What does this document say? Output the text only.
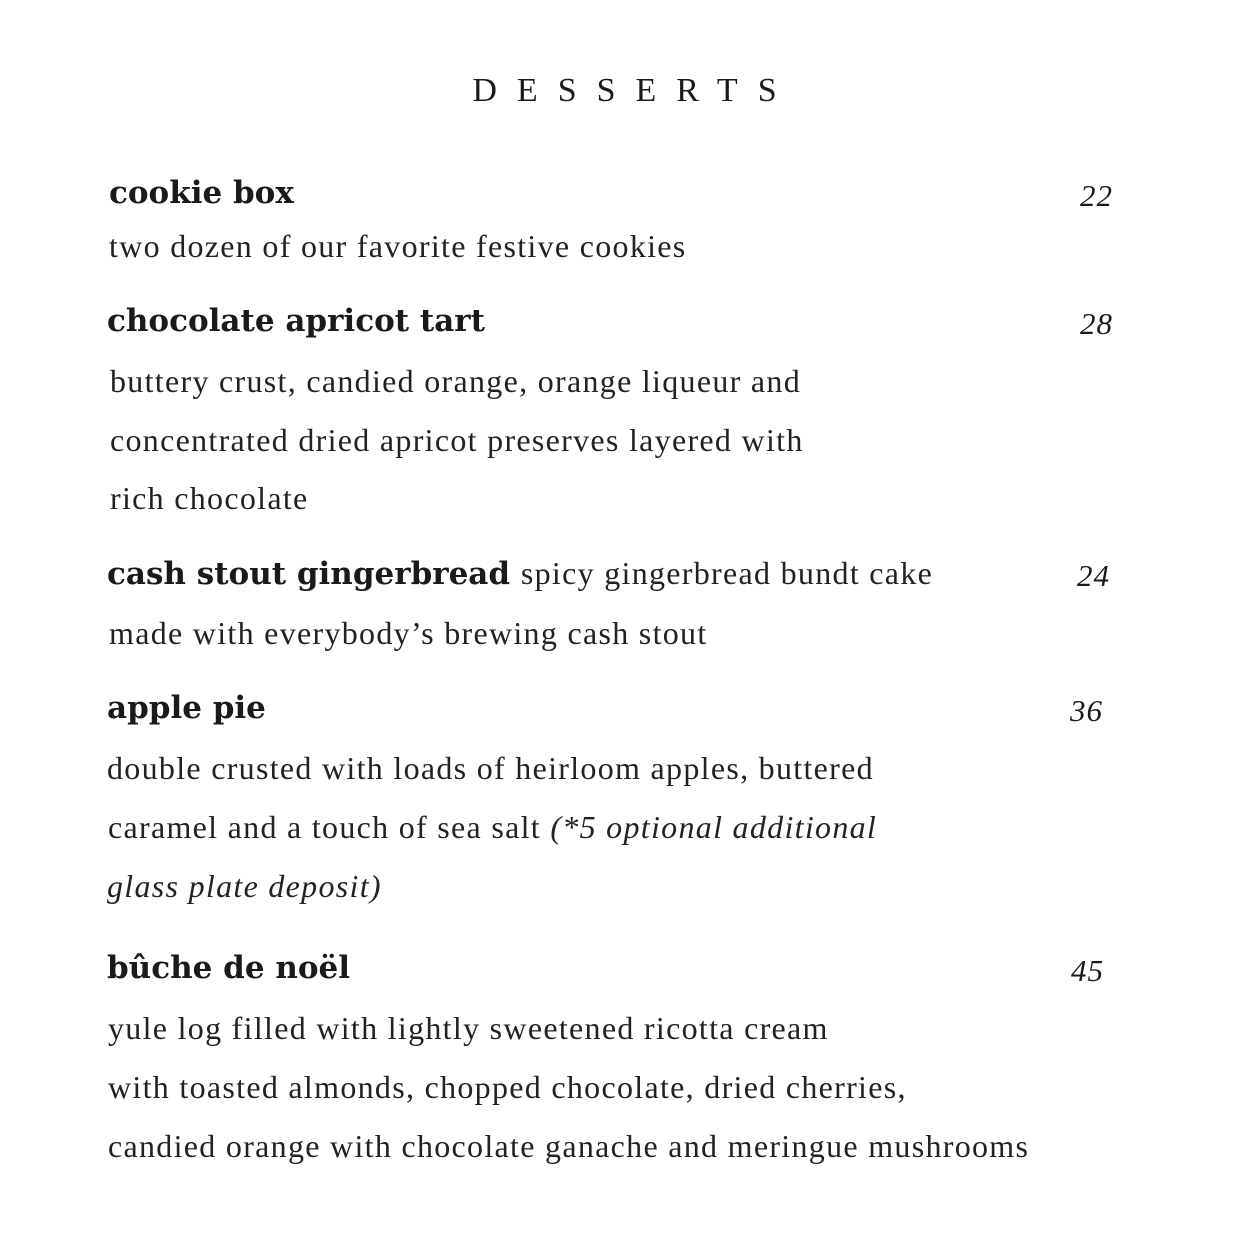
DESSERTS
cookie box	22
two dozen of our favorite festive cookies
chocolate apricot tart	28
buttery crust, candied orange, orange liqueur and
concentrated dried apricot preserves layered with
rich chocolate
cash stout gingerbread spicy gingerbread bundt cake	24
made with everybody’s brewing cash stout
apple pie	36
double crusted with loads of heirloom apples, buttered
caramel and a touch of sea salt (*5 optional additional
glass plate deposit)
bûche de noël	45
yule log filled with lightly sweetened ricotta cream
with toasted almonds, chopped chocolate, dried cherries,
candied orange with chocolate ganache and meringue mushrooms
